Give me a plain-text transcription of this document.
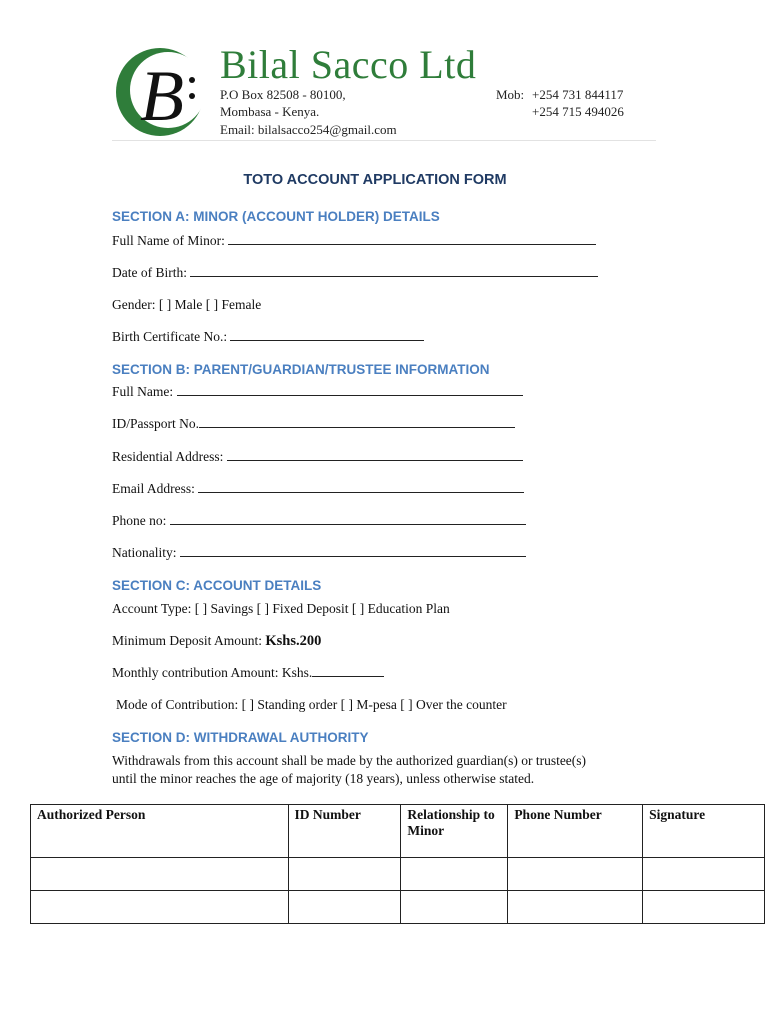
B Bilal Sacco Ltd
P.O Box 82508 - 80100,
Mombasa - Kenya.
Mob: +254 731 844117
+254 715 494026
Email: bilalsacco254@gmail.com
TOTO ACCOUNT APPLICATION FORM
SECTION A: MINOR (ACCOUNT HOLDER) DETAILS
Full Name of Minor:
Date of Birth:
Gender: [ ] Male [ ] Female
Birth Certificate No.:
SECTION B: PARENT/GUARDIAN/TRUSTEE INFORMATION
Full Name:
ID/Passport No.
Residential Address:
Email Address:
Phone no:
Nationality:
SECTION C: ACCOUNT DETAILS
Account Type: [ ] Savings [ ] Fixed Deposit [ ] Education Plan
Minimum Deposit Amount: Kshs.200
Monthly contribution Amount: Kshs.
Mode of Contribution: [ ] Standing order [ ] M-pesa [ ] Over the counter
SECTION D: WITHDRAWAL AUTHORITY
Withdrawals from this account shall be made by the authorized guardian(s) or trustee(s)
until the minor reaches the age of majority (18 years), unless otherwise stated.
Authorized Person	ID Number	Relationship to Minor	Phone Number	Signature
